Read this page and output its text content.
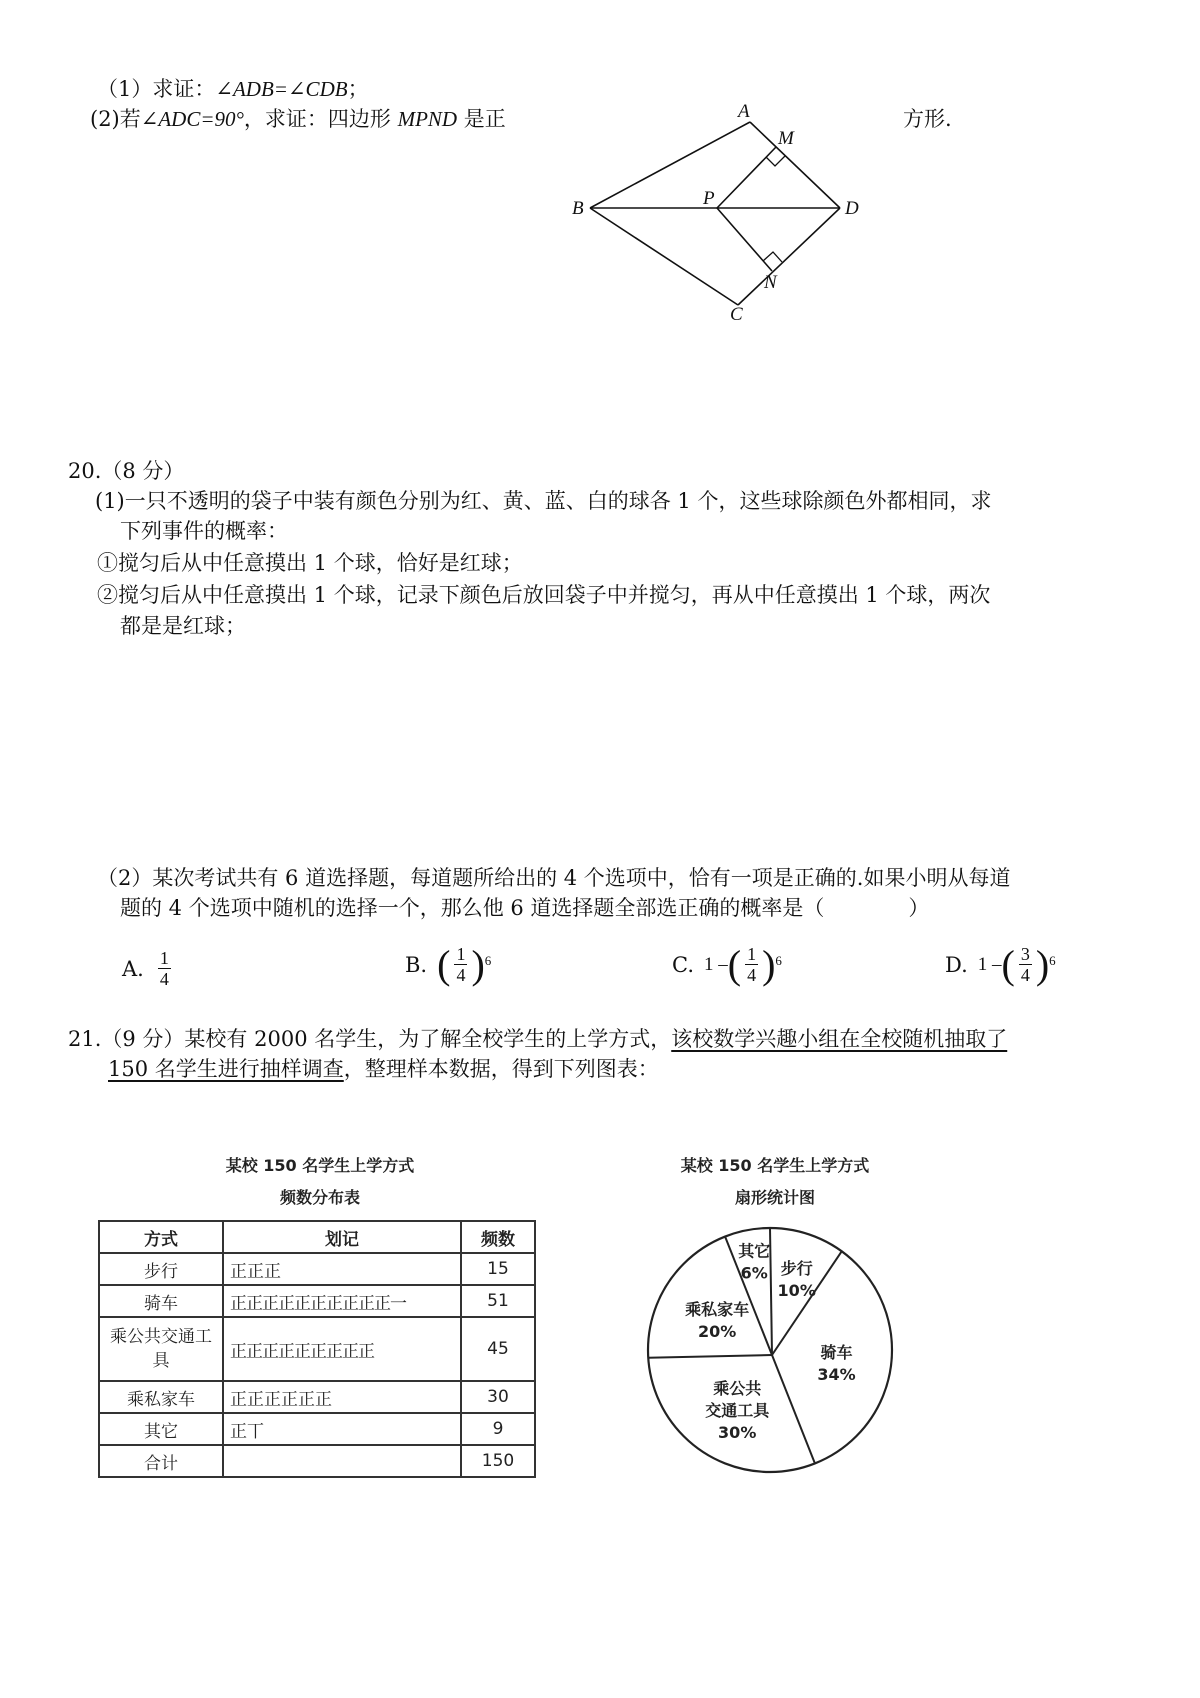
（1）求证：∠ADB=∠CDB；
(2)若∠ADC=90°，求证：四边形 MPND 是正	方形.
A
M
B	P	D
N
C
20.（8 分）
(1)一只不透明的袋子中装有颜色分别为红、黄、蓝、白的球各 1 个，这些球除颜色外都相同，求
下列事件的概率：
①搅匀后从中任意摸出 1 个球，恰好是红球；
②搅匀后从中任意摸出 1 个球，记录下颜色后放回袋子中并搅匀，再从中任意摸出 1 个球，两次
都是是红球；
（2）某次考试共有 6 道选择题，每道题所给出的 4 个选项中，恰有一项是正确的.如果小明从每道
题的 4 个选项中随机的选择一个，那么他 6 道选择题全部选正确的概率是（　　　　）
A. $\frac{1}{4}$	B. ( $\frac{1}{4}$ ) 6	C. 1 – ( $\frac{1}{4}$ ) 6	D. 1 – ( $\frac{3}{4}$ ) 6
21.（9 分）某校有 2000 名学生，为了解全校学生的上学方式，该校数学兴趣小组在全校随机抽取了
150 名学生进行抽样调查，整理样本数据，得到下列图表：
某校 150 名学生上学方式
频数分布表
方式	划记	频数
步行	正正正	15
骑车	正正正正正正正正正正一	51
乘公共交通工具	正正正正正正正正正	45
乘私家车	正正正正正正	30
其它	正丅	9
合计		150
某校 150 名学生上学方式
扇形统计图
步行
10%
骑车
34%
乘公共
交通工具
30%
乘私家车
20%
其它
6%
